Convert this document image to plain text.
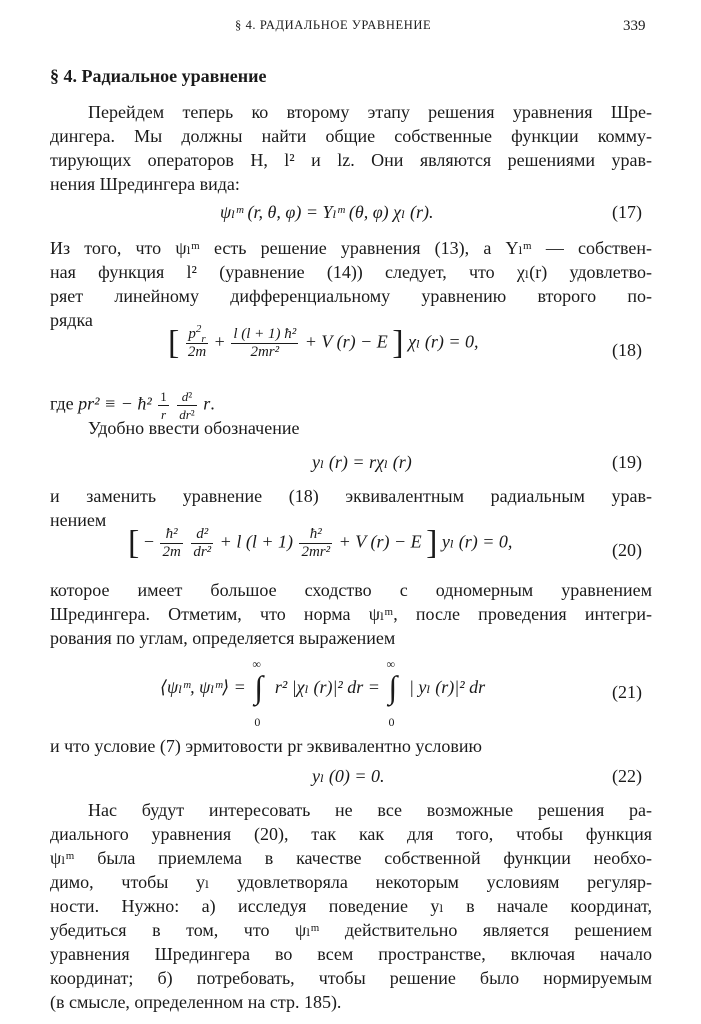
§ 4. РАДИАЛЬНОЕ УРАВНЕНИЕ	339
§ 4. Радиальное уравнение
Перейдем теперь ко второму этапу решения уравнения Шре-
дингера. Мы должны найти общие собственные функции комму-
тирующих операторов H, l² и lz. Они являются решениями урав-
нения Шредингера вида:
ψₗᵐ (r, θ, φ) = Yₗᵐ (θ, φ) χₗ (r).	(17)
Из того, что ψₗᵐ есть решение уравнения (13), а Yₗᵐ — собствен-
ная функция l² (уравнение (14)) следует, что χₗ(r) удовлетво-
ряет линейному дифференциальному уравнению второго по-
рядка
[ $\frac{p^2_r}{2m} + \frac{\text{l (l + 1) ħ²}}{\text{2mr²}} + V$ (r) − E ] χₗ (r) = 0,	(18)
где pr² ≡ − ħ² $\frac{1}{r}$
$\frac{\text{d²}}{\text{dr²}} r$.
Удобно ввести обозначение
yₗ (r) = rχₗ (r)	(19)
и заменить уравнение (18) эквивалентным радиальным урав-
нением
[ − $\frac{\text{ħ²}}{2m}$
$\frac{\text{d²}}{\text{dr²}} + l$ $(l + 1) \frac{\text{ħ²}}{\text{2mr²}} + V$ (r) − E ] yₗ (r) = 0,	(20)
которое имеет большое сходство с одномерным уравнением
Шредингера. Отметим, что норма ψₗᵐ, после проведения интегри-
рования по углам, определяется выражением
⟨ψₗᵐ, ψₗᵐ⟩ =
∞
∫
0
r² |χₗ (r)|² dr =
∞
∫
0
| yₗ (r)|² dr	(21)
и что условие (7) эрмитовости pr эквивалентно условию
yₗ (0) = 0.	(22)
Нас будут интересовать не все возможные решения ра-
диального уравнения (20), так как для того, чтобы функция
ψₗᵐ была приемлема в качестве собственной функции необхо-
димо, чтобы yₗ удовлетворяла некоторым условиям регуляр-
ности. Нужно: а) исследуя поведение yₗ в начале координат,
убедиться в том, что ψₗᵐ действительно является решением
уравнения Шредингера во всем пространстве, включая начало
координат; б) потребовать, чтобы решение было нормируемым
(в смысле, определенном на стр. 185).
